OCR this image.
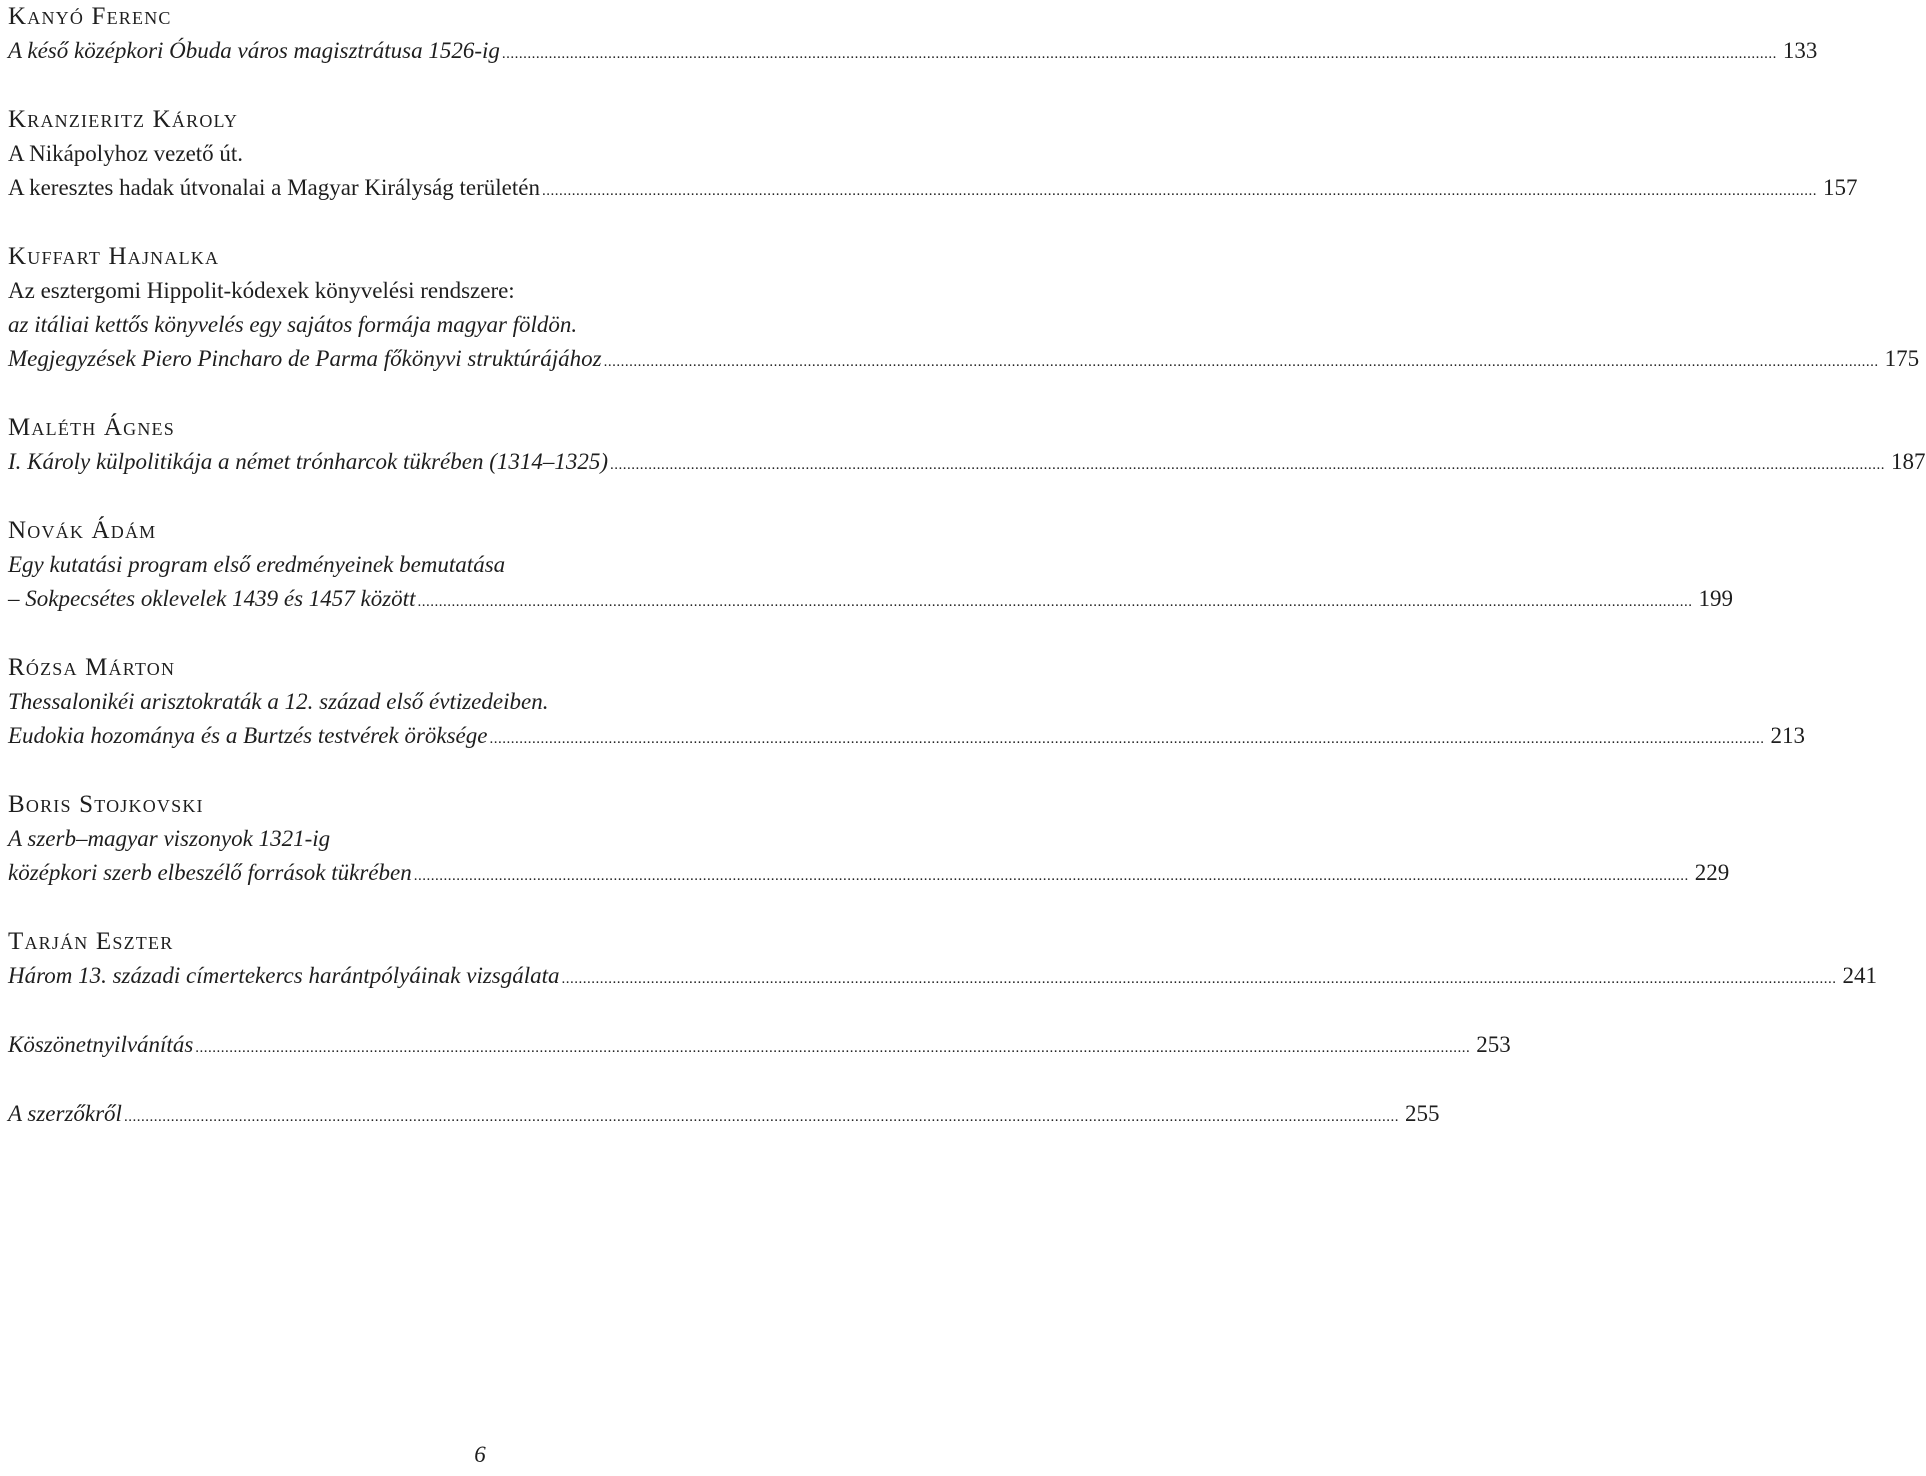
Kanyó Ferenc
A késő középkori Óbuda város magisztrátusa 1526-ig ............................................................................................................................................................................................................................................................................................................ 133
Kranzieritz Károly
A Nikápolyhoz vezető út.
A keresztes hadak útvonalai a Magyar Királyság területén ............................................................................................................................................................................................................................................................................................................ 157
Kuffart Hajnalka
Az esztergomi Hippolit-kódexek könyvelési rendszere:
az itáliai kettős könyvelés egy sajátos formája magyar földön.
Megjegyzések Piero Pincharo de Parma főkönyvi struktúrájához ............................................................................................................................................................................................................................................................................................................ 175
Maléth Ágnes
I. Károly külpolitikája a német trónharcok tükrében (1314–1325) ............................................................................................................................................................................................................................................................................................................ 187
Novák Ádám
Egy kutatási program első eredményeinek bemutatása
– Sokpecsétes oklevelek 1439 és 1457 között ............................................................................................................................................................................................................................................................................................................ 199
Rózsa Márton
Thessalonikéi arisztokraták a 12. század első évtizedeiben.
Eudokia hozománya és a Burtzés testvérek öröksége ............................................................................................................................................................................................................................................................................................................ 213
Boris Stojkovski
A szerb–magyar viszonyok 1321-ig
középkori szerb elbeszélő források tükrében ............................................................................................................................................................................................................................................................................................................ 229
Tarján Eszter
Három 13. századi címertekercs harántpólyáinak vizsgálata ............................................................................................................................................................................................................................................................................................................ 241
Köszönetnyilvánítás ............................................................................................................................................................................................................................................................................................................ 253
A szerzőkről ............................................................................................................................................................................................................................................................................................................ 255
6
